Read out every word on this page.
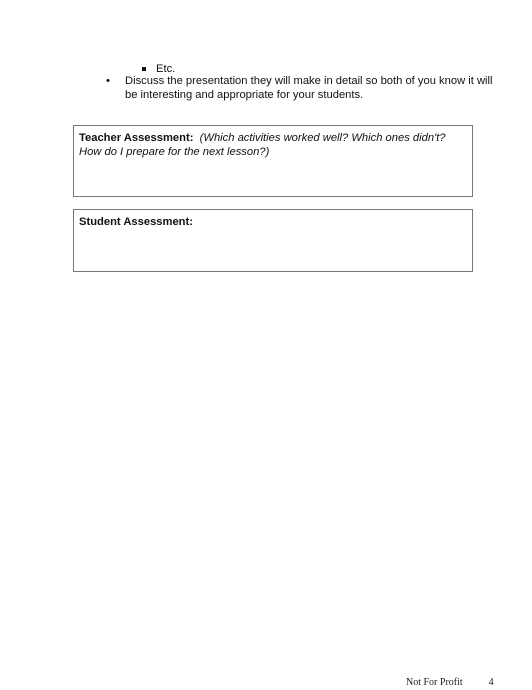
Etc.
• Discuss the presentation they will make in detail so both of you know it will be interesting and appropriate for your students.
Teacher Assessment: (Which activities worked well? Which ones didn't? How do I prepare for the next lesson?)
Student Assessment:
Not For Profit	4
